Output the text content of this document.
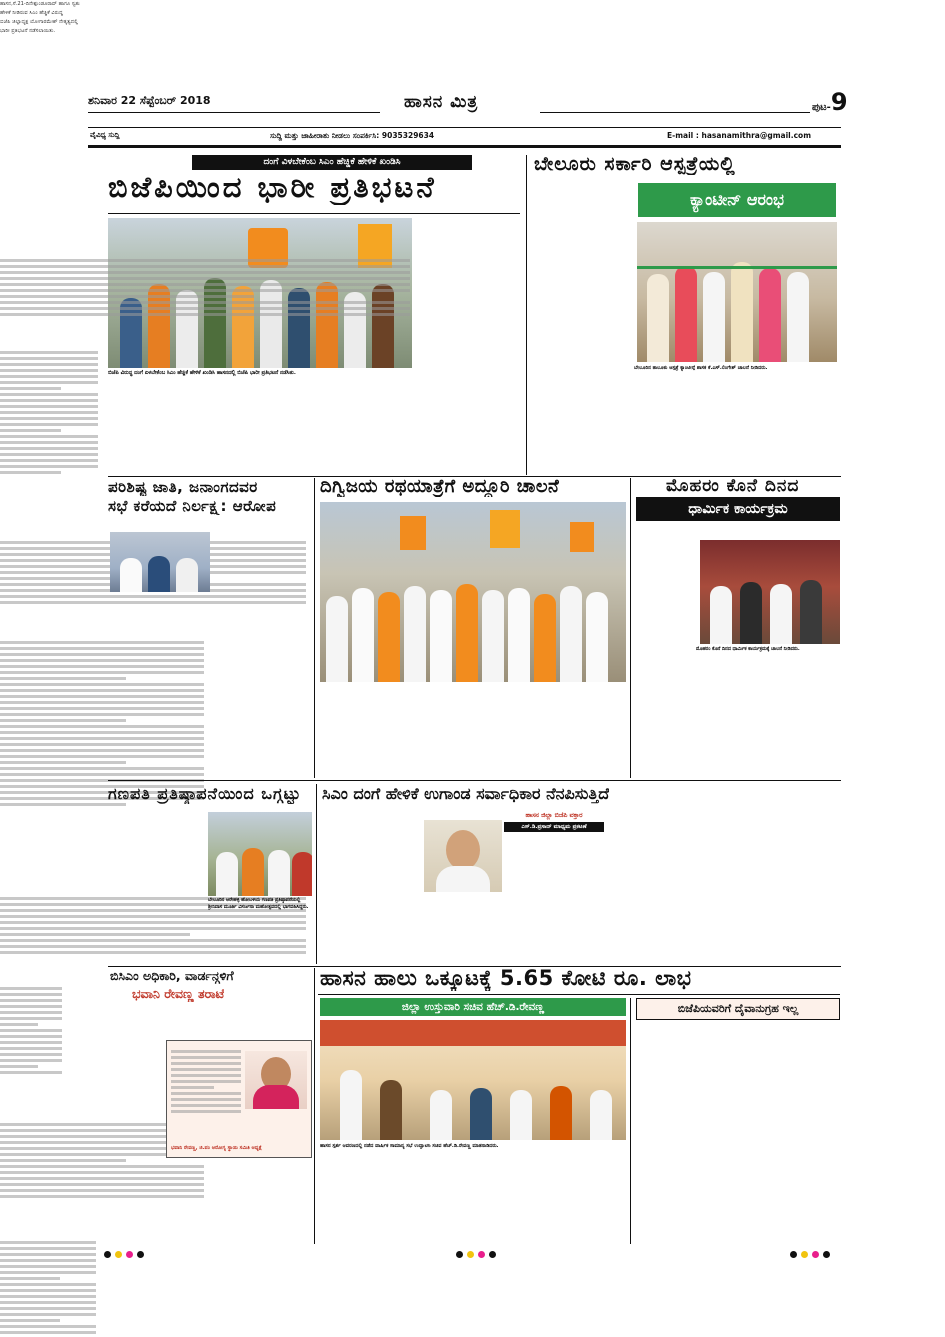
ಶನಿವಾರ 22 ಸೆಪ್ಟೆಂಬರ್ 2018	ಹಾಸನ ಮಿತ್ರ	ಪುಟ-9
ವೈವಿಧ್ಯ ಸುದ್ದಿ	ಸುದ್ದಿ ಮತ್ತು ಜಾಹೀರಾತು ನೀಡಲು ಸಂಪರ್ಕಿಸಿ: 9035329634	E-mail : hasanamithra@gmail.com
ದಂಗೆ ವಿಳಬೇಕೆಂಬ ಸಿಎಂ ಹೆಚ್ಡಿಕೆ ಹೇಳಿಕೆ ಖಂಡಿಸಿ
ಬಿಜೆಪಿಯಿಂದ ಭಾರೀ ಪ್ರತಿಭಟನೆ
ಬಿಜೆಪಿ ವಿರುದ್ಧ ದಂಗೆ ಏಳಬೇಕೆಂಬ ಸಿಎಂ ಹೆಚ್ಡಿಕೆ ಹೇಳಿಕೆ ಖಂಡಿಸಿ ಹಾಸನದಲ್ಲಿ ಬಿಜೆಪಿ ಭಾರೀ ಪ್ರತಿಭಟನೆ ನಡೆಸಿತು.
ಹಾಸನ,ಸೆ.21-ದಿನೇಶ್ಗುಂಡೂರಾವ್ ಹಾಗೂ ಸ್ವತಃ
ಹೇಳಿಕೆ ನೀಡಿರುವ ಸಿಎಂ ಹೆಚ್ಡಿಕೆ ವಿರುದ್ಧ
ಬಿಜೆಪಿ ಜಿಲ್ಲಾಧ್ಯಕ್ಷ ಯೋಗಾರಮೇಶ್ ನೇತೃತ್ವದಲ್ಲಿ
ಭಾರೀ ಪ್ರತಿಭಟನೆ ನಡೆಸಲಾಯಿತು.
ಬೇಲೂರು ಸರ್ಕಾರಿ ಆಸ್ಪತ್ರೆಯಲ್ಲಿ
ಕ್ಯಾಂಟೀನ್ ಆರಂಭ
ಬೇಲೂರಿನ ತಾಲೂಕು ಆಸ್ಪತ್ರೆ ಕ್ಯಾಂಟೀನ್ಗೆ ಶಾಸಕ ಕೆ.ಎಸ್.ಲಿಂಗೇಶ್ ಚಾಲನೆ ನೀಡಿದರು.
ಪರಿಶಿಷ್ಟ ಜಾತಿ, ಜನಾಂಗದವರ
ಸಭೆ ಕರೆಯದೆ ನಿರ್ಲಕ್ಷ್ಯ: ಆರೋಪ
ದಿಗ್ವಿಜಯ ರಥಯಾತ್ರೆಗೆ ಅದ್ದೂರಿ ಚಾಲನೆ	ಮೊಹರಂ ಕೊನೆ ದಿನದ
ಧಾರ್ಮಿಕ ಕಾರ್ಯಕ್ರಮ
ಮೊಹರಂ ಕೊನೆ ದಿನದ ಧಾರ್ಮಿಕ ಕಾರ್ಯಕ್ರಮಕ್ಕೆ ಚಾಲನೆ ನೀಡಿದರು.
ಗಣಪತಿ ಪ್ರತಿಷ್ಠಾಪನೆಯಿಂದ ಒಗ್ಗಟ್ಟು
ಬೇಲೂರಿನ ಆರೇಹಳ್ಳಿ ಹೋಬಳಿಯ ಗಣಪತಿ ಪ್ರತಿಷ್ಠಾಪನೆಯಲ್ಲಿ ಶ್ರೀನಿವಾಸ ಮೂರ್ತಿ ವಿಸರ್ಜನಾ ಮಹೋತ್ಸವದಲ್ಲಿ ಭಾಗವಹಿಸಿದ್ದರು.
ಸಿಎಂ ದಂಗೆ ಹೇಳಿಕೆ ಉಗಾಂಡ ಸರ್ವಾಧಿಕಾರ ನೆನಪಿಸುತ್ತಿದೆ
ಹಾಸನ ಜಿಲ್ಲಾ ಬಿಜೆಪಿ ವಕ್ತಾರ
ಎಸ್.ಡಿ.ಪ್ರಸಾದ್ ಮಾಧ್ಯಮ ಪ್ರಕಟಣೆ
ಬಿಸಿಎಂ ಅಧಿಕಾರಿ, ವಾರ್ಡನ್ಗಳಿಗೆ
ಭವಾನಿ ರೇವಣ್ಣ ತರಾಟೆ
ಭವಾನಿ ರೇವಣ್ಣ, ಜಿ.ಪಂ ಆರೋಗ್ಯ ಸ್ಥಾಯಿ ಸಮಿತಿ ಅಧ್ಯಕ್ಷೆ
ಹಾಸನ ಹಾಲು ಒಕ್ಕೂಟಕ್ಕೆ 5.65 ಕೋಟಿ ರೂ. ಲಾಭ
ಜಿಲ್ಲಾ ಉಸ್ತುವಾರಿ ಸಚಿವ ಹೆಚ್.ಡಿ.ರೇವಣ್ಣ
ಹಾಸನ ಸ್ಪರ್ಶ ಆವರಣದಲ್ಲಿ ನಡೆದ ವಾರ್ಷಿಕ ಸಾಮಾನ್ಯ ಸಭೆ ಉದ್ಘಾಟಿಸಿ ಸಚಿವ ಹೆಚ್.ಡಿ.ರೇವಣ್ಣ ಮಾತನಾಡಿದರು.
ಬಿಜೆಪಿಯವರಿಗೆ ದೈವಾನುಗ್ರಹ ಇಲ್ಲ
